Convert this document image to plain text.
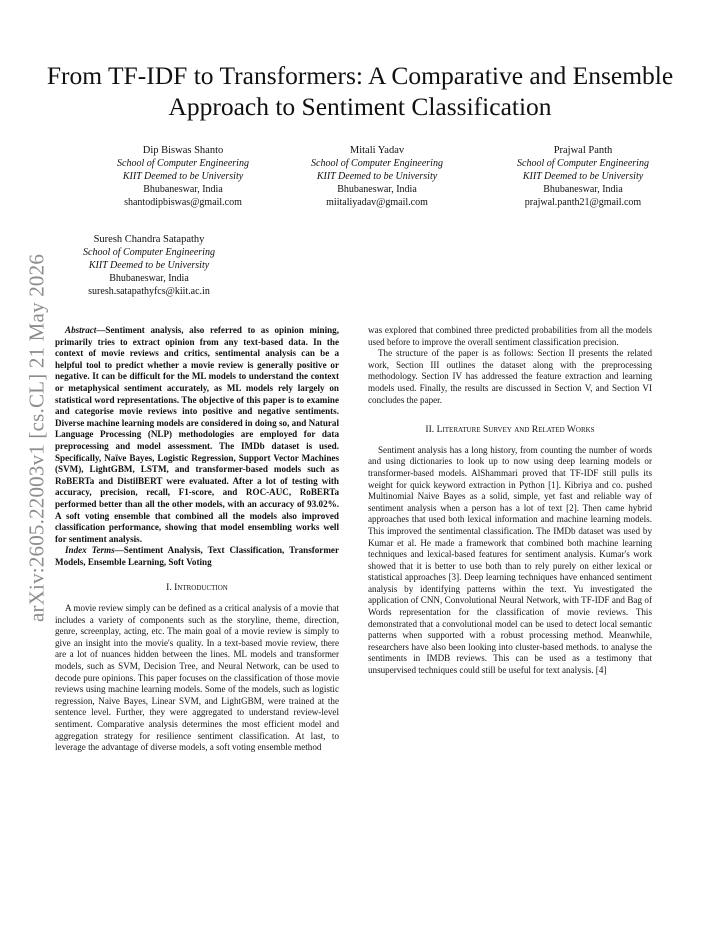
arXiv:2605.22003v1 [cs.CL] 21 May 2026
From TF-IDF to Transformers: A Comparative and Ensemble Approach to Sentiment Classification
Dip Biswas Shanto
School of Computer Engineering
KIIT Deemed to be University
Bhubaneswar, India
shantodipbiswas@gmail.com
Mitali Yadav
School of Computer Engineering
KIIT Deemed to be University
Bhubaneswar, India
miitaliyadav@gmail.com
Prajwal Panth
School of Computer Engineering
KIIT Deemed to be University
Bhubaneswar, India
prajwal.panth21@gmail.com
Suresh Chandra Satapathy
School of Computer Engineering
KIIT Deemed to be University
Bhubaneswar, India
suresh.satapathyfcs@kiit.ac.in

Abstract—Sentiment analysis, also referred to as opinion mining, primarily tries to extract opinion from any text-based data. In the context of movie reviews and critics, sentimental analysis can be a helpful tool to predict whether a movie review is generally positive or negative. It can be difficult for the ML models to understand the context or metaphysical sentiment accurately, as ML models rely largely on statistical word representations. The objective of this paper is to examine and categorise movie reviews into positive and negative sentiments. Diverse machine learning models are considered in doing so, and Natural Language Processing (NLP) methodologies are employed for data preprocessing and model assessment. The IMDb dataset is used. Specifically, Naïve Bayes, Logistic Regression, Support Vector Machines (SVM), LightGBM, LSTM, and transformer-based models such as RoBERTa and DistilBERT were evaluated. After a lot of testing with accuracy, precision, recall, F1-score, and ROC-AUC, RoBERTa performed better than all the other models, with an accuracy of 93.02%. A soft voting ensemble that combined all the models also improved classification performance, showing that model ensembling works well for sentiment analysis.

Index Terms—Sentiment Analysis, Text Classification, Transformer Models, Ensemble Learning, Soft Voting

I. Introduction

A movie review simply can be defined as a critical analysis of a movie that includes a variety of components such as the storyline, theme, direction, genre, screenplay, acting, etc. The main goal of a movie review is simply to give an insight into the movie's quality. In a text-based movie review, there are a lot of nuances hidden between the lines. ML models and transformer models, such as SVM, Decision Tree, and Neural Network, can be used to decode pure opinions. This paper focuses on the classification of those movie reviews using machine learning models. Some of the models, such as logistic regression, Naive Bayes, Linear SVM, and LightGBM, were trained at the sentence level. Further, they were aggregated to understand review-level sentiment. Comparative analysis determines the most efficient model and aggregation strategy for resilience sentiment classification. At last, to leverage the advantage of diverse models, a soft voting ensemble method

was explored that combined three predicted probabilities from all the models used before to improve the overall sentiment classification precision.

The structure of the paper is as follows: Section II presents the related work, Section III outlines the dataset along with the preprocessing methodology. Section IV has addressed the feature extraction and learning models used. Finally, the results are discussed in Section V, and Section VI concludes the paper.

II. Literature Survey and Related Works

Sentiment analysis has a long history, from counting the number of words and using dictionaries to look up to now using deep learning models or transformer-based models. AlShammari proved that TF-IDF still pulls its weight for quick keyword extraction in Python [1]. Kibriya and co. pushed Multinomial Naive Bayes as a solid, simple, yet fast and reliable way of sentiment analysis when a person has a lot of text [2]. Then came hybrid approaches that used both lexical information and machine learning models. This improved the sentimental classification. The IMDb dataset was used by Kumar et al. He made a framework that combined both machine learning techniques and lexical-based features for sentiment analysis. Kumar's work showed that it is better to use both than to rely purely on either lexical or statistical approaches [3]. Deep learning techniques have enhanced sentiment analysis by identifying patterns within the text. Yu investigated the application of CNN, Convolutional Neural Network, with TF-IDF and Bag of Words representation for the classification of movie reviews. This demonstrated that a convolutional model can be used to detect local semantic patterns when supported with a robust processing method. Meanwhile, researchers have also been looking into cluster-based methods. to analyse the sentiments in IMDB reviews. This can be used as a testimony that unsupervised techniques could still be useful for text analysis. [4]
